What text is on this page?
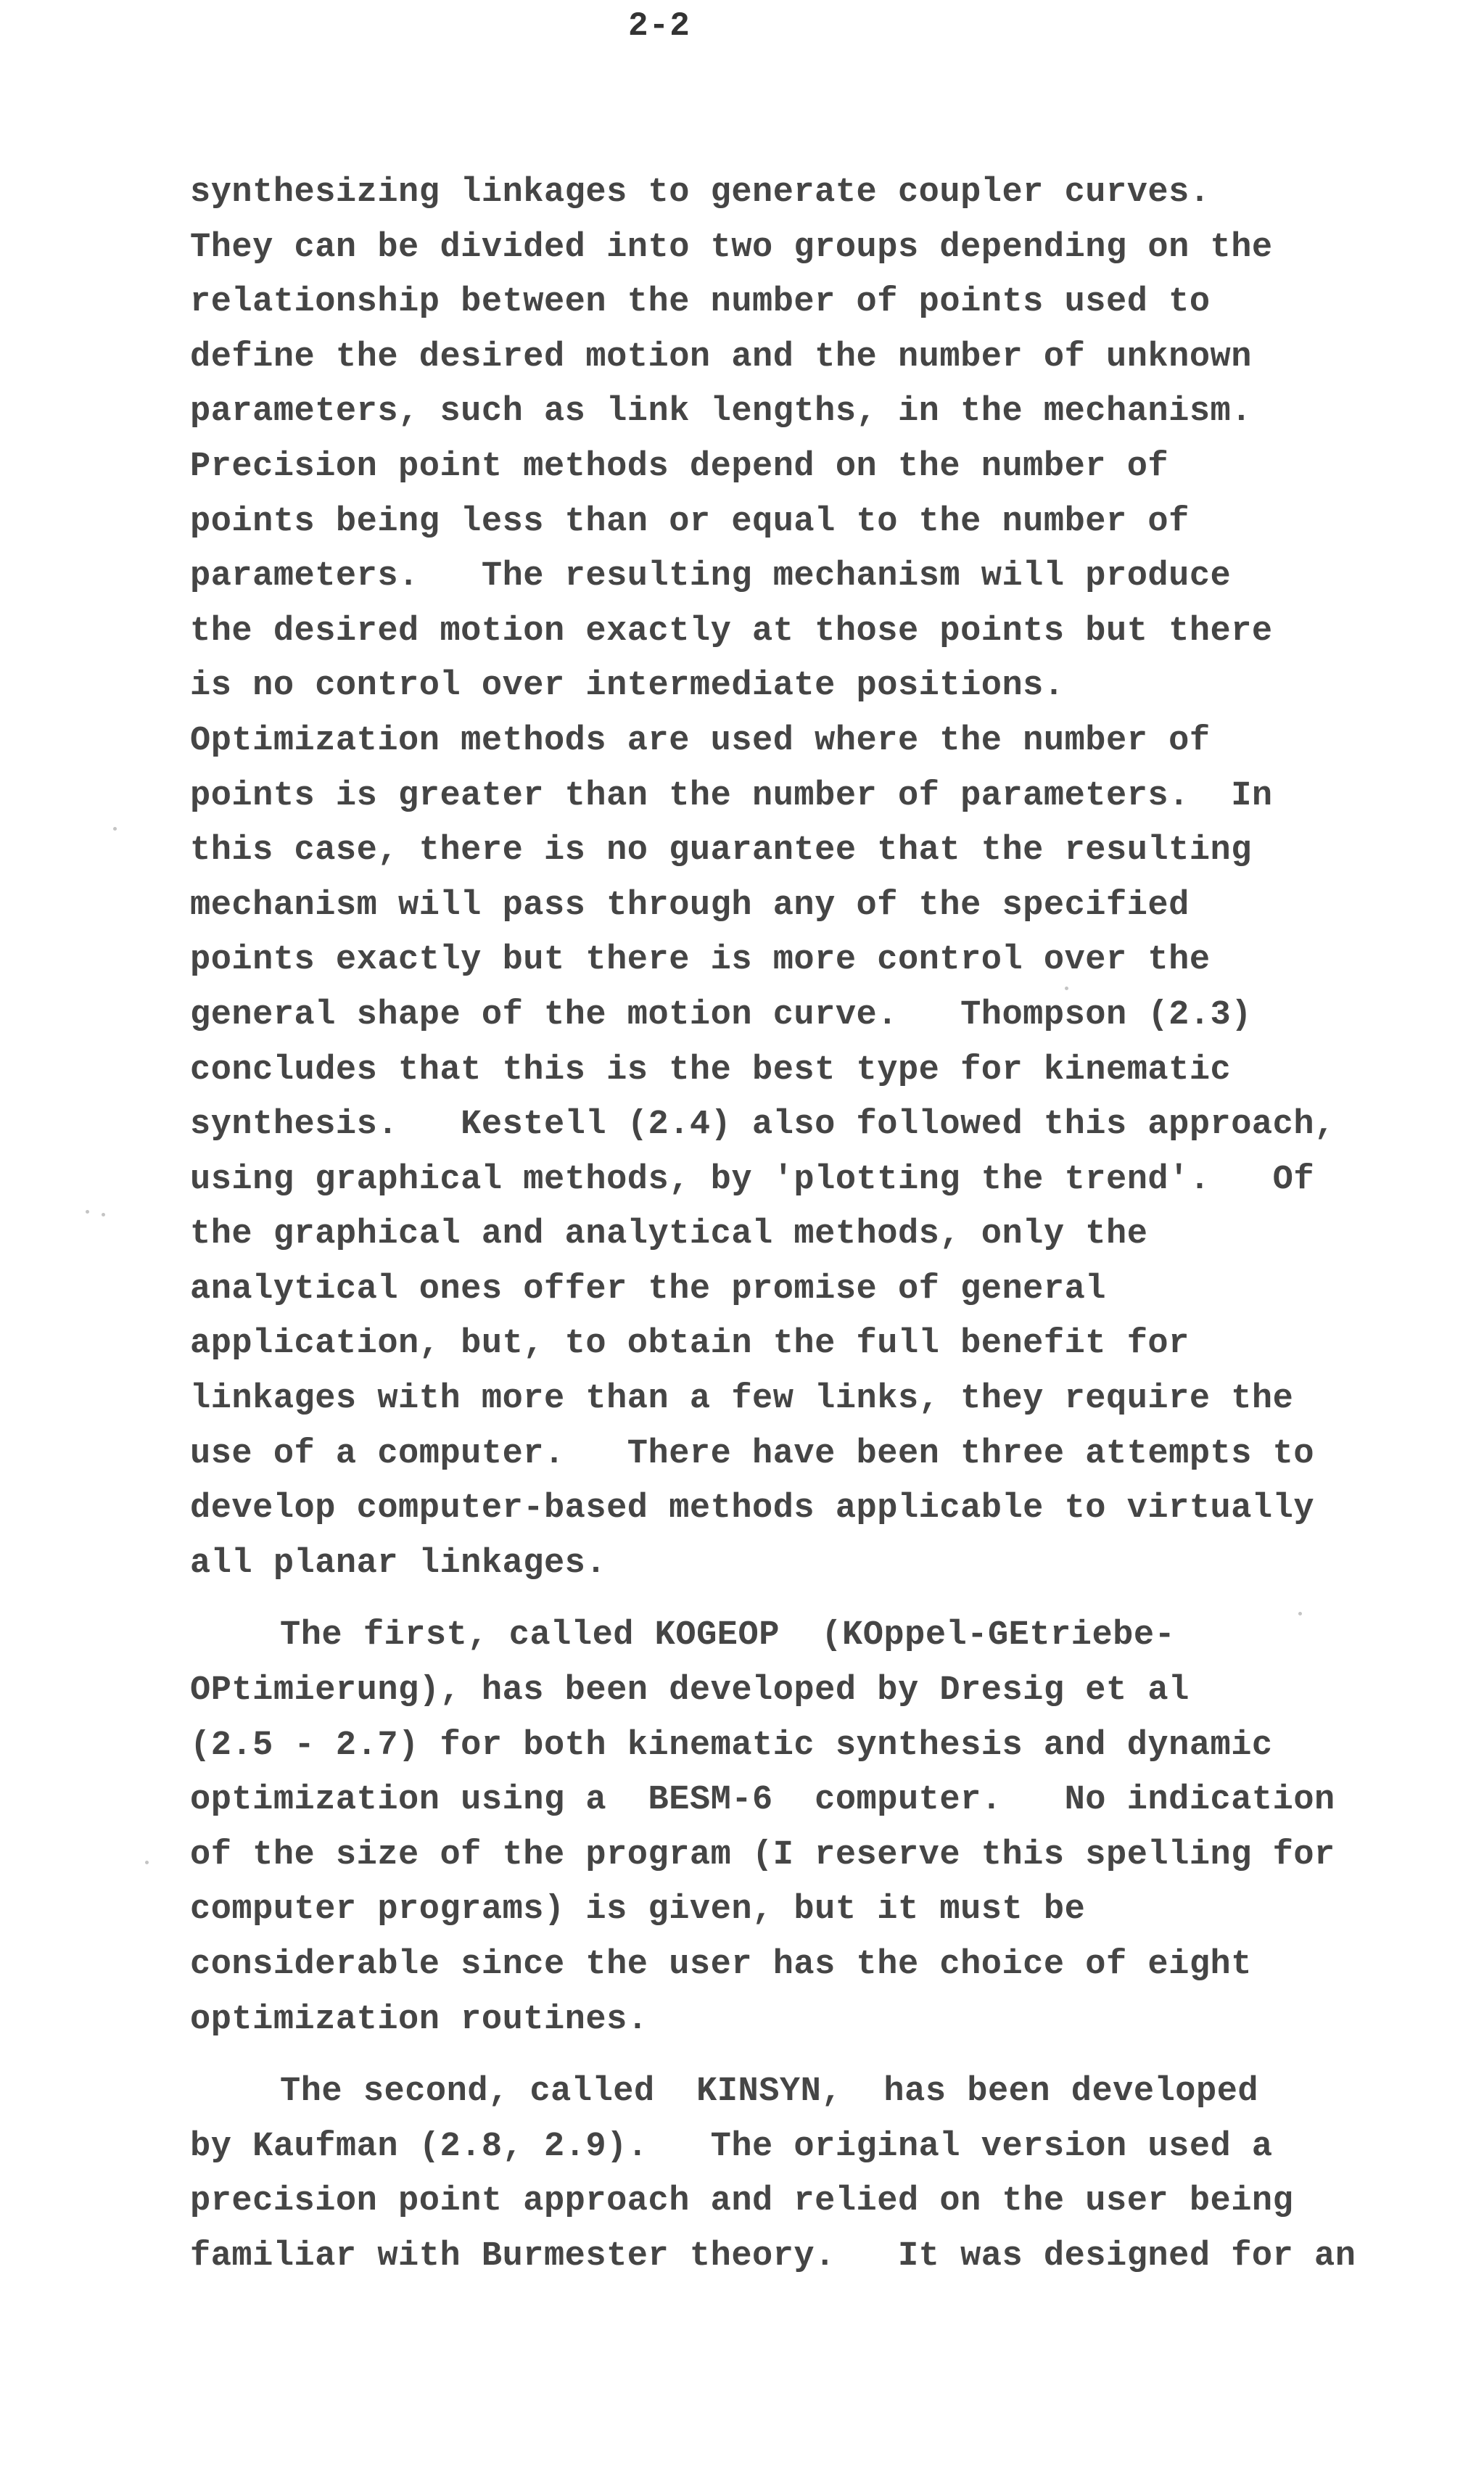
2-2
synthesizing linkages to generate coupler curves.
They can be divided into two groups depending on the
relationship between the number of points used to
define the desired motion and the number of unknown
parameters, such as link lengths, in the mechanism.
Precision point methods depend on the number of
points being less than or equal to the number of
parameters.   The resulting mechanism will produce
the desired motion exactly at those points but there
is no control over intermediate positions.
Optimization methods are used where the number of
points is greater than the number of parameters.  In
this case, there is no guarantee that the resulting
mechanism will pass through any of the specified
points exactly but there is more control over the
general shape of the motion curve.   Thompson (2.3)
concludes that this is the best type for kinematic
synthesis.   Kestell (2.4) also followed this approach,
using graphical methods, by 'plotting the trend'.   Of
the graphical and analytical methods, only the
analytical ones offer the promise of general
application, but, to obtain the full benefit for
linkages with more than a few links, they require the
use of a computer.   There have been three attempts to
develop computer-based methods applicable to virtually
all planar linkages.
The first, called KOGEOP  (KOppel-GEtriebe-
OPtimierung), has been developed by Dresig et al
(2.5 - 2.7) for both kinematic synthesis and dynamic
optimization using a  BESM-6  computer.   No indication
of the size of the program (I reserve this spelling for
computer programs) is given, but it must be
considerable since the user has the choice of eight
optimization routines.
The second, called  KINSYN,  has been developed
by Kaufman (2.8, 2.9).   The original version used a
precision point approach and relied on the user being
familiar with Burmester theory.   It was designed for an
